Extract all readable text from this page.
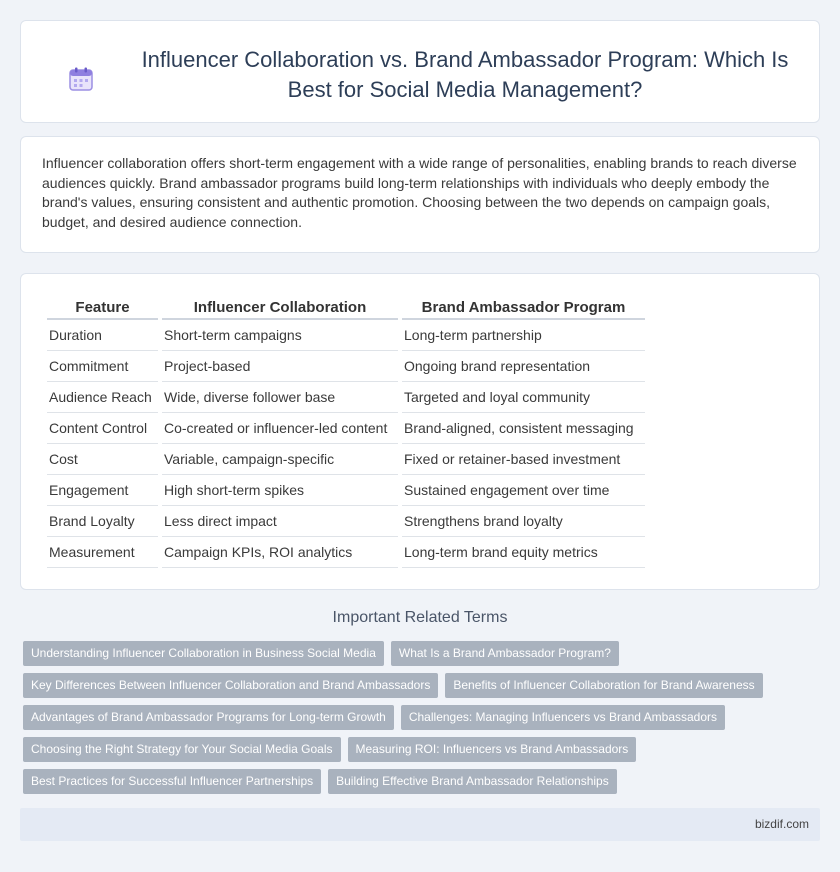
Influencer Collaboration vs. Brand Ambassador Program: Which Is Best for Social Media Management?

Influencer collaboration offers short-term engagement with a wide range of personalities, enabling brands to reach diverse audiences quickly. Brand ambassador programs build long-term relationships with individuals who deeply embody the brand's values, ensuring consistent and authentic promotion. Choosing between the two depends on campaign goals, budget, and desired audience connection.

Feature	Influencer Collaboration	Brand Ambassador Program
Duration	Short-term campaigns	Long-term partnership
Commitment	Project-based	Ongoing brand representation
Audience Reach	Wide, diverse follower base	Targeted and loyal community
Content Control	Co-created or influencer-led content	Brand-aligned, consistent messaging
Cost	Variable, campaign-specific	Fixed or retainer-based investment
Engagement	High short-term spikes	Sustained engagement over time
Brand Loyalty	Less direct impact	Strengthens brand loyalty
Measurement	Campaign KPIs, ROI analytics	Long-term brand equity metrics
Important Related Terms
Understanding Influencer Collaboration in Business Social Media What Is a Brand Ambassador Program?
Key Differences Between Influencer Collaboration and Brand Ambassadors Benefits of Influencer Collaboration for Brand Awareness
Advantages of Brand Ambassador Programs for Long-term Growth Challenges: Managing Influencers vs Brand Ambassadors
Choosing the Right Strategy for Your Social Media Goals Measuring ROI: Influencers vs Brand Ambassadors
Best Practices for Successful Influencer Partnerships Building Effective Brand Ambassador Relationships
bizdif.com
